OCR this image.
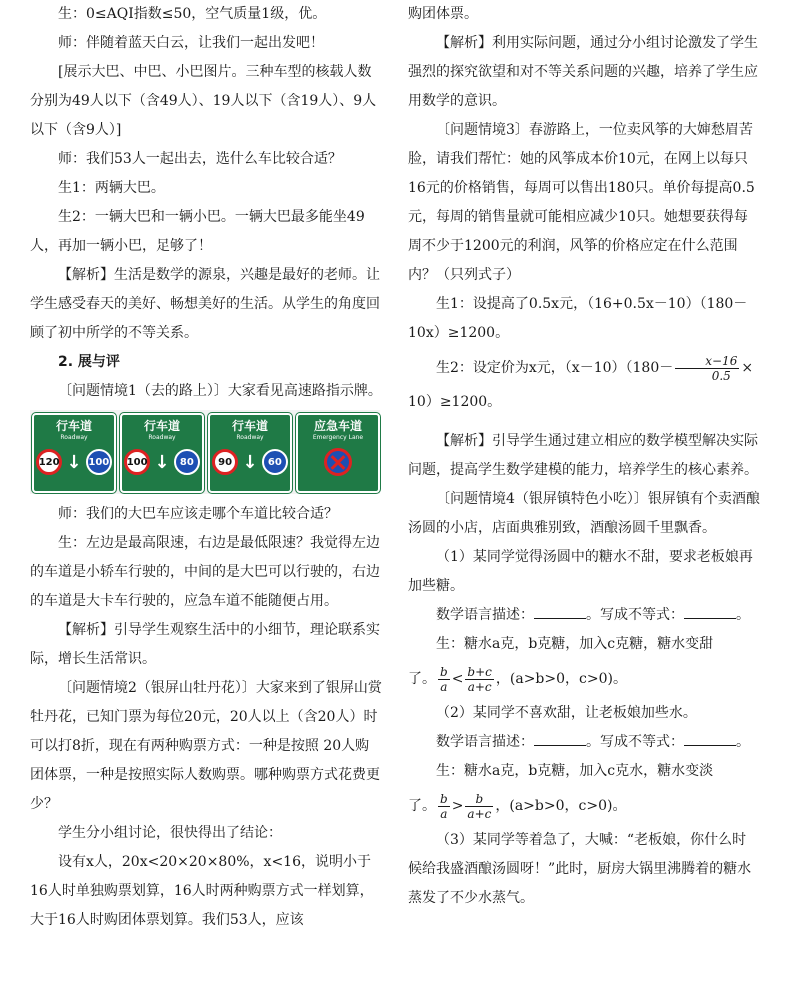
生：0≤AQI指数≤50，空气质量1级，优。

师：伴随着蓝天白云，让我们一起出发吧！

[展示大巴、中巴、小巴图片。三种车型的核载人数分别为49人以下（含49人）、19人以下（含19人）、9人以下（含9人）]

师：我们53人一起出去，选什么车比较合适？

生1：两辆大巴。

生2：一辆大巴和一辆小巴。一辆大巴最多能坐49人，再加一辆小巴，足够了！

【解析】生活是数学的源泉，兴趣是最好的老师。让学生感受春天的美好、畅想美好的生活。从学生的角度回顾了初中所学的不等关系。

2. 展与评

〔问题情境1（去的路上）〕大家看见高速路指示牌。

行车道
Roadway
120 ↓ 100
行车道
Roadway
100 ↓	80
行车道
Roadway
90 ↓	60
应急车道
Emergency Lane

师：我们的大巴车应该走哪个车道比较合适？

生：左边是最高限速，右边是最低限速？我觉得左边的车道是小轿车行驶的，中间的是大巴可以行驶的，右边的车道是大卡车行驶的，应急车道不能随便占用。

【解析】引导学生观察生活中的小细节，理论联系实际，增长生活常识。

〔问题情境2（银屏山牡丹花）〕大家来到了银屏山赏牡丹花，已知门票为每位20元，20人以上（含20人）时可以打8折，现在有两种购票方式：一种是按照 20人购团体票，一种是按照实际人数购票。哪种购票方式花费更少？

学生分小组讨论，很快得出了结论：

设有x人，20x<20×20×80%，x<16，说明小于16人时单独购票划算，16人时两种购票方式一样划算，大于16人时购团体票划算。我们53人，应该

购团体票。

【解析】利用实际问题，通过分小组讨论激发了学生强烈的探究欲望和对不等关系问题的兴趣，培养了学生应用数学的意识。

〔问题情境3〕春游路上，一位卖风筝的大婶愁眉苦脸，请我们帮忙：她的风筝成本价10元，在网上以每只16元的价格销售，每周可以售出180只。单价每提高0.5元，每周的销售量就可能相应减少10只。她想要获得每周不少于1200元的利润，风筝的价格应定在什么范围内？（只列式子）

生1：设提高了0.5x元，（16+0.5x－10）（180－10x）≥1200。

生2：设定价为x元，$(x-10)(180- \frac{x-16}{0.5}$ ×

10）≥1200。

【解析】引导学生通过建立相应的数学模型解决实际问题，提高学生数学建模的能力，培养学生的核心素养。

〔问题情境4（银屏镇特色小吃）〕银屏镇有个卖酒酿汤圆的小店，店面典雅别致，酒酿汤圆千里飘香。

（1）某同学觉得汤圆中的糖水不甜，要求老板娘再加些糖。

数学语言描述：	。写成不等式：	。

生：糖水a克，b克糖，加入c克糖，糖水变甜

了。 $\frac{b}{a} < \frac{b+c}{a+c}$ ，(a>b>0，c>0)。

（2）某同学不喜欢甜，让老板娘加些水。

数学语言描述：	。写成不等式：	。

生：糖水a克，b克糖，加入c克水，糖水变淡

了。 $\frac{b}{a} > \frac{b}{a+c}$ ，(a>b>0，c>0)。

（3）某同学等着急了，大喊：“老板娘，你什么时候给我盛酒酿汤圆呀！”此时，厨房大锅里沸腾着的糖水蒸发了不少水蒸气。
